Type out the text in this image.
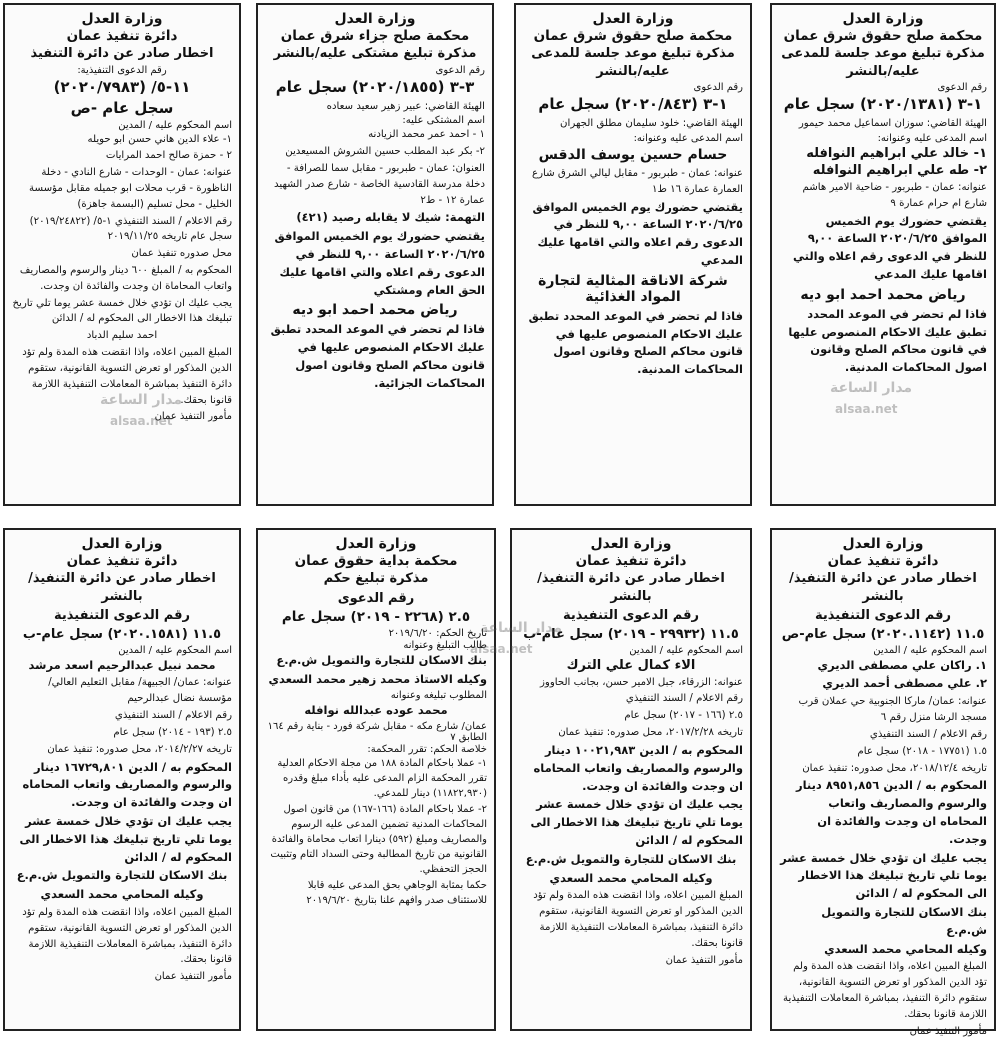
وزارة العدل
محكمة صلح حقوق شرق عمان
مذكرة تبليغ موعد جلسة للمدعى عليه/بالنشر
رقم الدعوى
١-٣ (٢٠٢٠/١٣٨١) سجل عام
الهيئة القاضي: سوزان اسماعيل محمد حيمور
اسم المدعى عليه وعنوانه:
١- خالد علي ابراهيم النوافله
٢- طه علي ابراهيم النوافله
عنوانه: عمان - طبربور - ضاحية الامير هاشم شارع ام حرام عمارة ٩
يقتضي حضورك يوم الخميس الموافق ٢٠٢٠/٦/٢٥ الساعة ٩,٠٠ للنظر في الدعوى رقم اعلاه والتي اقامها عليك المدعي
رياض محمد احمد ابو ديه
فاذا لم تحضر في الموعد المحدد تطبق عليك الاحكام المنصوص عليها في قانون محاكم الصلح وقانون اصول المحاكمات المدنية.
وزارة العدل
محكمة صلح حقوق شرق عمان
مذكرة تبليغ موعد جلسة للمدعى عليه/بالنشر
رقم الدعوى
١-٣ (٢٠٢٠/٨٤٣) سجل عام
الهيئة القاضي: خلود سليمان مطلق الجهران
اسم المدعى عليه وعنوانه:
حسام حسين يوسف الدقس
عنوانه: عمان - طبربور - مقابل ليالي الشرق شارع العمارة عمارة ١٦ ط١
يقتضي حضورك يوم الخميس الموافق ٢٠٢٠/٦/٢٥ الساعة ٩,٠٠ للنظر في الدعوى رقم اعلاه والتي اقامها عليك المدعي
شركة الاناقة المثالية لتجارة المواد الغذائية
فاذا لم تحضر في الموعد المحدد تطبق عليك الاحكام المنصوص عليها في قانون محاكم الصلح وقانون اصول المحاكمات المدنية.
وزارة العدل
محكمة صلح جزاء شرق عمان
مذكرة تبليغ مشتكى عليه/بالنشر
رقم الدعوى
٣-٣ (٢٠٢٠/١٨٥٥) سجل عام
الهيئة القاضي: عبير زهير سعيد سعاده
اسم المشتكى عليه:
١ - احمد عمر محمد الزيادنه
٢- بكر عبد المطلب حسين الشروش المسيعدين
العنوان: عمان - طبربور - مقابل سما للصرافة - دخلة مدرسة القادسية الخاصة - شارع صدر الشهيد عمارة ١٢ - ط٢
التهمة: شيك لا يقابله رصيد (٤٢١)
يقتضي حضورك يوم الخميس الموافق ٢٠٢٠/٦/٢٥ الساعة ٩,٠٠ للنظر في الدعوى رقم اعلاه والتي اقامها عليك الحق العام ومشتكي
رياض محمد احمد ابو ديه
فاذا لم تحضر في الموعد المحدد تطبق عليك الاحكام المنصوص عليها في قانون محاكم الصلح وقانون اصول المحاكمات الجزائية.
وزارة العدل
دائرة تنفيذ عمان
اخطار صادر عن دائرة التنفيذ
رقم الدعوى التنفيذية:
١١-٥/ (٢٠٢٠/٧٩٨٣)
سجل عام -ص
اسم المحكوم عليه / المدين
١- علاء الدين هاني حسن ابو حويله
٢ - حمزة صالح احمد المرايات
عنوانه: عمان - الوحدات - شارع النادي - دخلة الناظورة - قرب محلات ابو جميله مقابل مؤسسة الخليل - محل تسليم (البسمة جاهزة)
رقم الاعلام / السند التنفيذي ١-٥/ (٢٠١٩/٢٤٨٢٢) سجل عام تاريخه ٢٠١٩/١١/٢٥
محل صدوره تنفيذ عمان
المحكوم به / المبلغ ٦٠٠ دينار والرسوم والمصاريف واتعاب المحاماة ان وجدت والفائدة ان وجدت.
يجب عليك ان تؤدي خلال خمسة عشر يوما تلي تاريخ تبليغك هذا الاخطار الى المحكوم له / الدائن
احمد سليم الدباد
المبلغ المبين اعلاه، واذا انقضت هذه المدة ولم تؤد الدين المذكور او تعرض التسوية القانونية، ستقوم دائرة التنفيذ بمباشرة المعاملات التنفيذية اللازمة قانونا بحقك.
مأمور التنفيذ عمان
وزارة العدل
دائرة تنفيذ عمان
اخطار صادر عن دائرة التنفيذ/بالنشر
رقم الدعوى التنفيذية
١١.٥ (٢٠٢٠.١١٤٢) سجل عام-ص
اسم المحكوم عليه / المدين
١. راكان علي مصطفى الديري
٢. علي مصطفى أحمد الديري
عنوانه: عمان/ ماركا الجنوبية حي عملان قرب مسجد الرشا منزل رقم ٦
رقم الاعلام / السند التنفيذي
١.٥ (١٧٧٥١ - ٢٠١٨) سجل عام
تاريخه ٢٠١٨/١٢/٤، محل صدوره: تنفيذ عمان
المحكوم به / الدين ٨٩٥١,٨٥٦ دينار والرسوم والمصاريف واتعاب المحاماه ان وجدت والفائدة ان وجدت.
يجب عليك ان تؤدي خلال خمسة عشر يوما تلي تاريخ تبليغك هذا الاخطار الى المحكوم له / الدائن
بنك الاسكان للتجارة والتمويل ش.م.ع
وكيله المحامي محمد السعدي
المبلغ المبين اعلاه، واذا انقضت هذه المدة ولم تؤد الدين المذكور او تعرض التسوية القانونية، ستقوم دائرة التنفيذ، بمباشرة المعاملات التنفيذية اللازمة قانونا بحقك.
مأمور التنفيذ عمان
وزارة العدل
دائرة تنفيذ عمان
اخطار صادر عن دائرة التنفيذ/بالنشر
رقم الدعوى التنفيذية
١١.٥ (٢٩٩٣٢ - ٢٠١٩) سجل عام-ب
اسم المحكوم عليه / المدين
الاء كمال علي الترك
عنوانه: الزرقاء، جبل الامير حسن، بجانب الحاووز
رقم الاعلام / السند التنفيذي
٢.٥ (١٦٦ - ٢٠١٧) سجل عام
تاريخه ٢٠١٧/٢/٢٨، محل صدوره: تنفيذ عمان
المحكوم به / الدين ١٠٠٢١,٩٨٣ دينار والرسوم والمصاريف واتعاب المحاماه ان وجدت والفائدة ان وجدت.
يجب عليك ان تؤدي خلال خمسة عشر يوما تلي تاريخ تبليغك هذا الاخطار الى المحكوم له / الدائن
بنك الاسكان للتجارة والتمويل ش.م.ع
وكيله المحامي محمد السعدي
المبلغ المبين اعلاه، واذا انقضت هذه المدة ولم تؤد الدين المذكور او تعرض التسوية القانونية، ستقوم دائرة التنفيذ، بمباشرة المعاملات التنفيذية اللازمة قانونا بحقك.
مأمور التنفيذ عمان
وزارة العدل
محكمة بداية حقوق عمان
مذكرة تبليغ حكم
رقم الدعوى
٢.٥ (٢٢٦٨ - ٢٠١٩) سجل عام
تاريخ الحكم: ٢٠١٩/٦/٢٠
طالب التبليغ وعنوانه
بنك الاسكان للتجارة والتمويل ش.م.ع
وكيله الاستاذ محمد زهير محمد السعدي
المطلوب تبليغه وعنوانه
محمد عوده عبدالله نوافله
عمان/ شارع مكه - مقابل شركة فورد - بناية رقم ١٦٤ الطابق ٧
خلاصة الحكم: تقرر المحكمة:
١- عملا باحكام المادة ١٨٨ من مجلة الاحكام العدلية تقرر المحكمة الزام المدعى عليه بأداء مبلغ وقدره (١١٨٢٢,٩٣٠) دينار للمدعي.
٢- عملا باحكام المادة (١٦٦-١٦٧) من قانون اصول المحاكمات المدنية تضمين المدعى عليه الرسوم والمصاريف ومبلغ (٥٩٢) دينارا اتعاب محاماة والفائدة القانونية من تاريخ المطالبة وحتى السداد التام وتثبيت الحجز التحفظي.
حكما بمثابة الوجاهي بحق المدعى عليه قابلا للاستئناف صدر وافهم علنا بتاريخ ٢٠١٩/٦/٢٠
وزارة العدل
دائرة تنفيذ عمان
اخطار صادر عن دائرة التنفيذ/بالنشر
رقم الدعوى التنفيذية
١١.٥ (٢٠٢٠.١٥٨١) سجل عام-ب
اسم المحكوم عليه / المدين
محمد نبيل عبدالرحيم اسعد مرشد
عنوانه: عمان/ الجبيهة/ مقابل التعليم العالي/ مؤسسة نضال عبدالرحيم
رقم الاعلام / السند التنفيذي
٢.٥ (١٩٣ - ٢٠١٤) سجل عام
تاريخه ٢٠١٤/٢/٢٧، محل صدوره: تنفيذ عمان
المحكوم به / الدين ١٦٧٢٩,٨٠١ دينار والرسوم والمصاريف واتعاب المحاماه ان وجدت والفائدة ان وجدت.
يجب عليك ان تؤدي خلال خمسة عشر يوما تلي تاريخ تبليغك هذا الاخطار الى المحكوم له / الدائن
بنك الاسكان للتجارة والتمويل ش.م.ع
وكيله المحامي محمد السعدي
المبلغ المبين اعلاه، واذا انقضت هذه المدة ولم تؤد الدين المذكور او تعرض التسوية القانونية، ستقوم دائرة التنفيذ، بمباشرة المعاملات التنفيذية اللازمة قانونا بحقك.
مأمور التنفيذ عمان
مدار الساعة
alsaa.net
مدار الساعة
alsaa.net
مدار الساعة
alsaa.net
